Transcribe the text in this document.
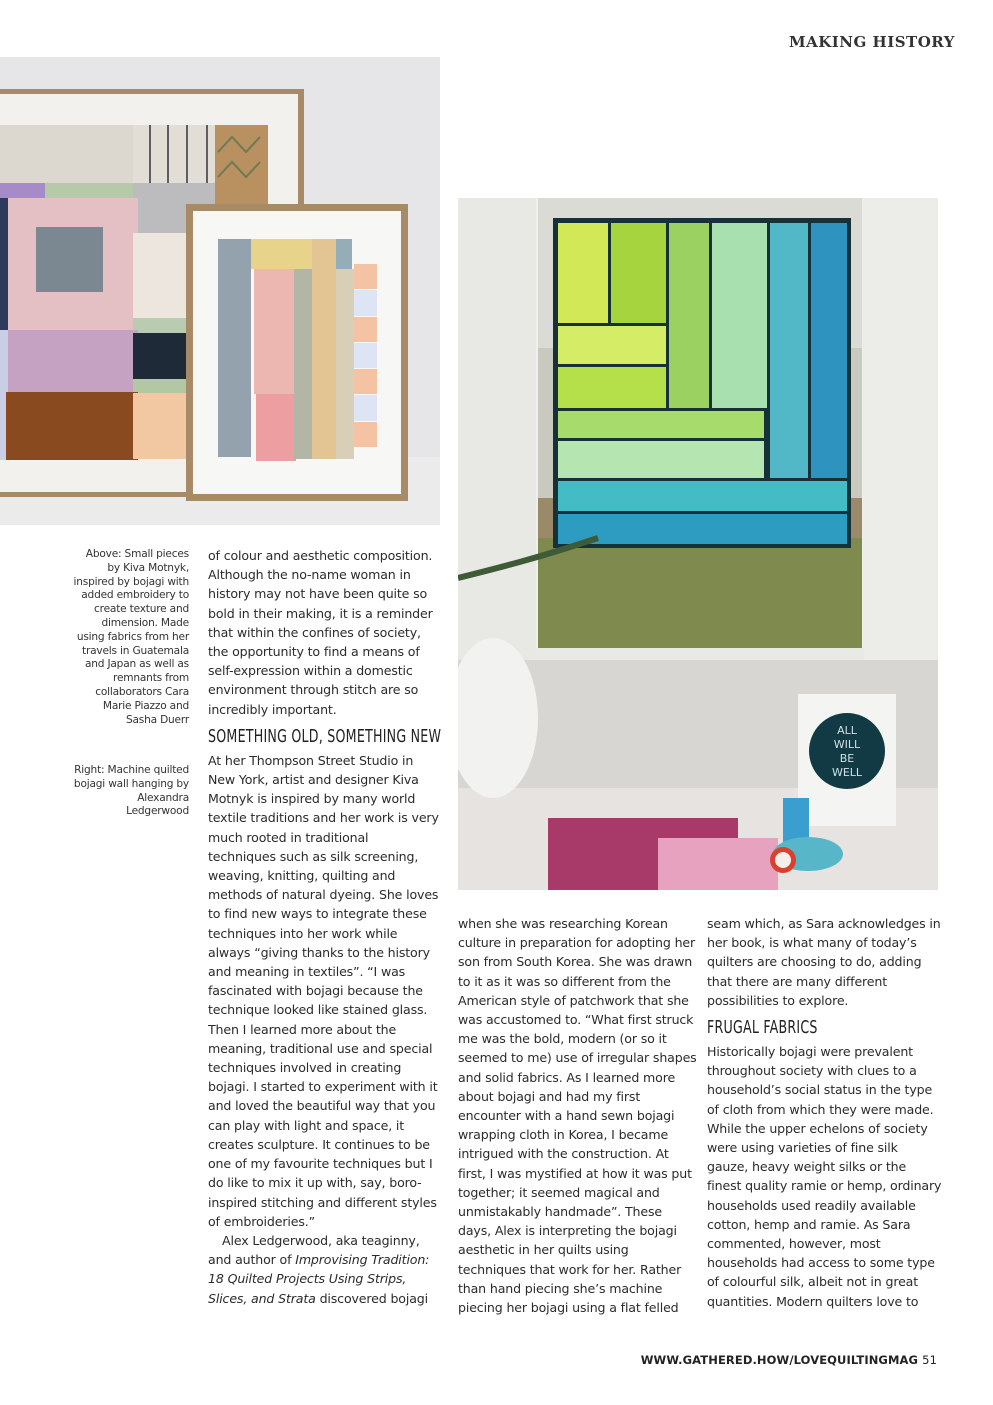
MAKING HISTORY
Above: Small pieces by Kiva Motnyk, inspired by bojagi with added embroidery to create texture and dimension. Made using fabrics from her travels in Guatemala and Japan as well as remnants from collaborators Cara Marie Piazzo and Sasha Duerr
Right: Machine quilted bojagi wall hanging by Alexandra Ledgerwood
ALL
WILL
BE
WELL

of colour and aesthetic composition. Although the no-name woman in history may not have been quite so bold in their making, it is a reminder that within the confines of society, the opportunity to find a means of self-expression within a domestic environment through stitch are so incredibly important.

SOMETHING OLD, SOMETHING NEW

At her Thompson Street Studio in New York, artist and designer Kiva Motnyk is inspired by many world textile traditions and her work is very much rooted in traditional techniques such as silk screening, weaving, knitting, quilting and methods of natural dyeing. She loves to find new ways to integrate these techniques into her work while always “giving thanks to the history and meaning in textiles”. “I was fascinated with bojagi because the technique looked like stained glass. Then I learned more about the meaning, traditional use and special techniques involved in creating bojagi. I started to experiment with it and loved the beautiful way that you can play with light and space, it creates sculpture. It continues to be one of my favourite techniques but I do like to mix it up with, say, boro-inspired stitching and different styles of embroideries.”

Alex Ledgerwood, aka teaginny, and author of Improvising Tradition: 18 Quilted Projects Using Strips, Slices, and Strata discovered bojagi

when she was researching Korean culture in preparation for adopting her son from South Korea. She was drawn to it as it was so different from the American style of patchwork that she was accustomed to. “What first struck me was the bold, modern (or so it seemed to me) use of irregular shapes and solid fabrics. As I learned more about bojagi and had my first encounter with a hand sewn bojagi wrapping cloth in Korea, I became intrigued with the construction. At first, I was mystified at how it was put together; it seemed magical and unmistakably handmade”. These days, Alex is interpreting the bojagi aesthetic in her quilts using techniques that work for her. Rather than hand piecing she’s machine piecing her bojagi using a flat felled

seam which, as Sara acknowledges in her book, is what many of today’s quilters are choosing to do, adding that there are many different possibilities to explore.

FRUGAL FABRICS

Historically bojagi were prevalent throughout society with clues to a household’s social status in the type of cloth from which they were made. While the upper echelons of society were using varieties of fine silk gauze, heavy weight silks or the finest quality ramie or hemp, ordinary households used readily available cotton, hemp and ramie. As Sara commented, however, most households had access to some type of colourful silk, albeit not in great quantities. Modern quilters love to

WWW.GATHERED.HOW/LOVEQUILTINGMAG 51
